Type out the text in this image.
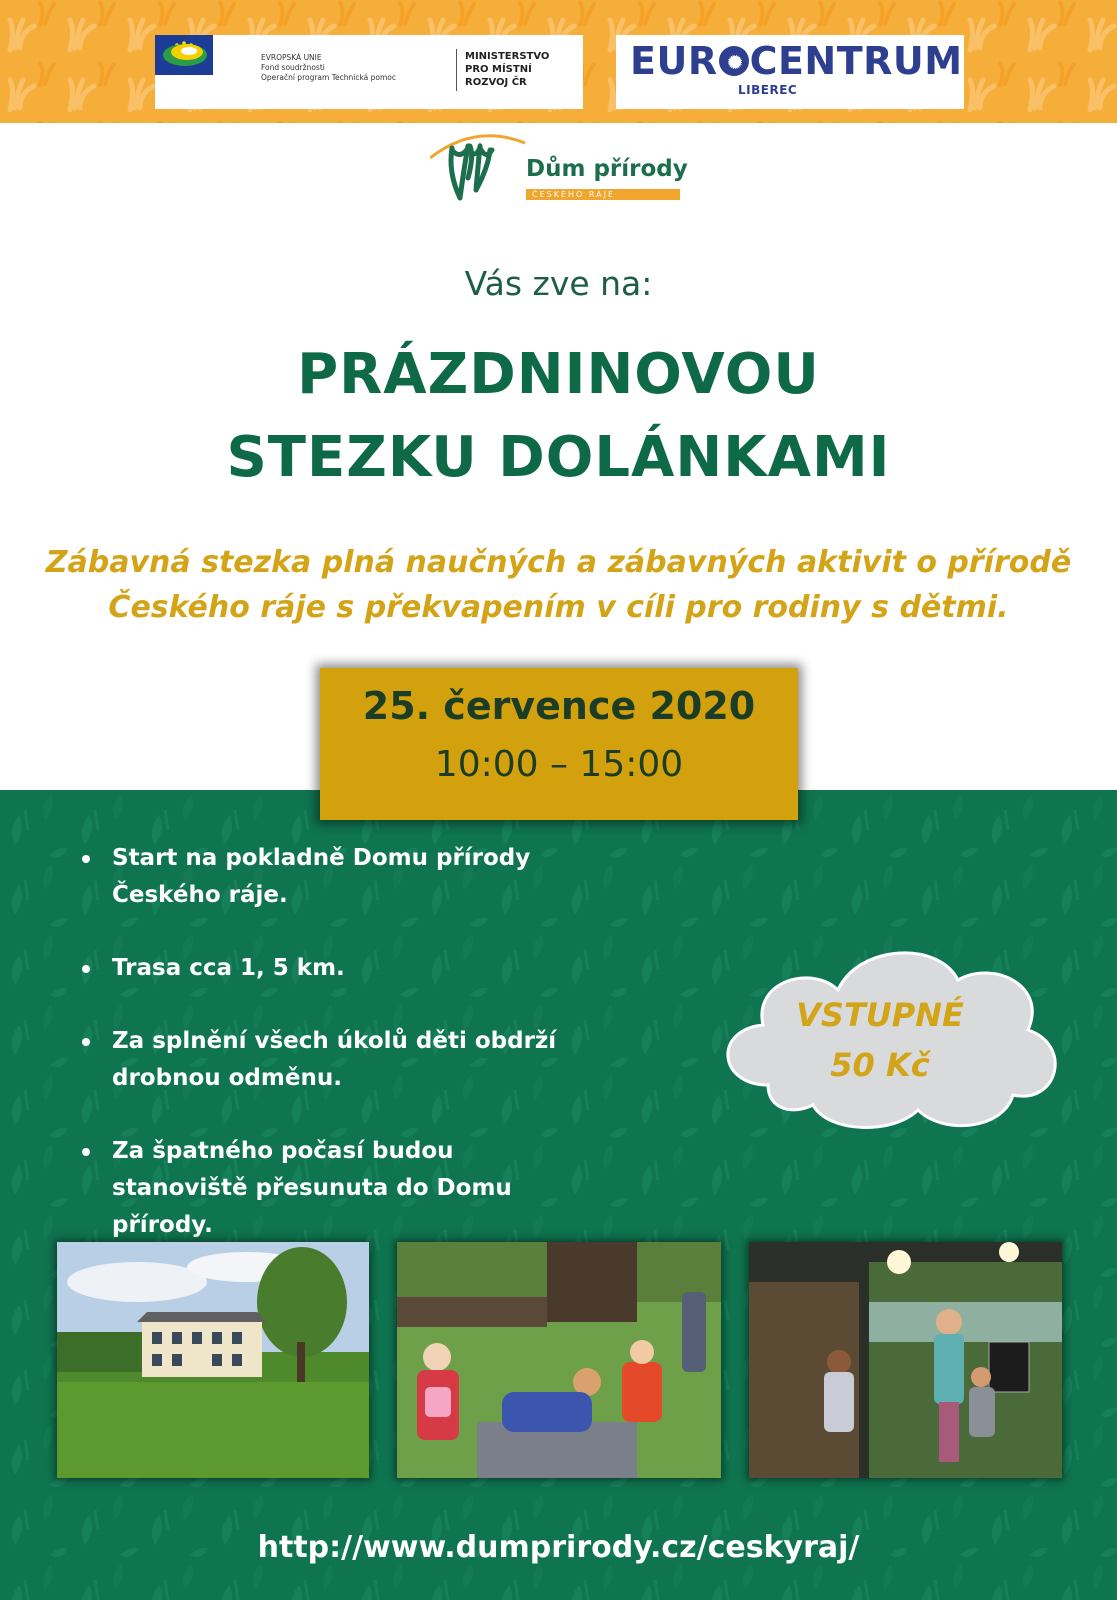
EVROPSKÁ UNIE
Fond soudržnosti
Operační program Technická pomoc
MINISTERSTVO
PRO MÍSTNÍ
ROZVOJ ČR	EUR CENTRUM
LIBEREC
Dům přírody
ČESKÉHO RÁJE
Vás zve na:
PRÁZDNINOVOU
STEZKU DOLÁNKAMI
Zábavná stezka plná naučných a zábavných aktivit o přírodě
Českého ráje s překvapením v cíli pro rodiny s dětmi.
25. července 2020
10:00 – 15:00
Start na pokladně Domu přírody Českého ráje.
Trasa cca 1, 5 km.
Za splnění všech úkolů děti obdrží drobnou odměnu.
Za špatného počasí budou stanoviště přesunuta do Domu přírody.
VSTUPNÉ
50 Kč
http://www.dumprirody.cz/ceskyraj/
